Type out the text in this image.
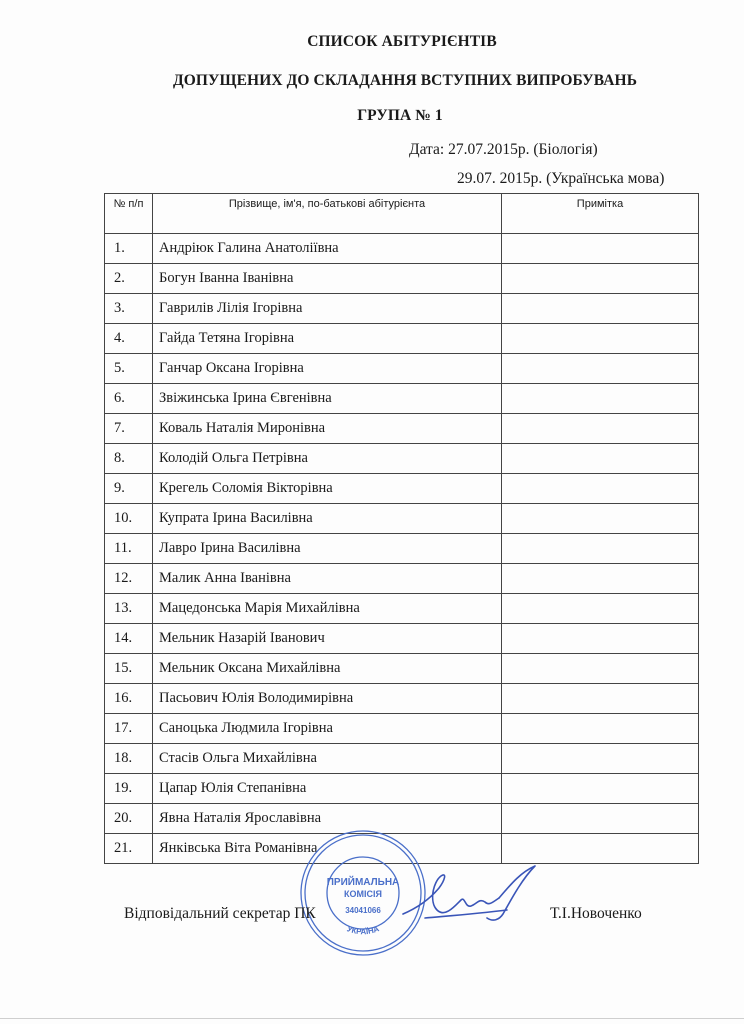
СПИСОК АБІТУРІЄНТІВ
ДОПУЩЕНИХ ДО СКЛАДАННЯ ВСТУПНИХ ВИПРОБУВАНЬ
ГРУПА № 1
Дата: 27.07.2015р. (Біологія)
29.07. 2015р. (Українська мова)
№ п/п	Прізвище, ім'я, по-батькові абітурієнта	Примітка
1.	Андріюк Галина Анатоліївна	
2.	Богун Іванна Іванівна	
3.	Гаврилів Лілія Ігорівна	
4.	Гайда Тетяна Ігорівна	
5.	Ганчар Оксана Ігорівна	
6.	Звіжинська Ірина Євгенівна	
7.	Коваль Наталія Миронівна	
8.	Колодій Ольга Петрівна	
9.	Крегель Соломія Вікторівна	
10.	Купрата Ірина Василівна	
11.	Лавро Ірина Василівна	
12.	Малик Анна Іванівна	
13.	Мацедонська Марія Михайлівна	
14.	Мельник Назарій Іванович	
15.	Мельник Оксана Михайлівна	
16.	Пасьович Юлія Володимирівна	
17.	Саноцька Людмила Ігорівна	
18.	Стасів Ольга Михайлівна	
19.	Цапар Юлія Степанівна	
20.	Явна Наталія Ярославівна	
21.	Янківська Віта Романівна	
ПРИЙМАЛЬНА
КОМІСІЯ
34041066
УКРАЇНА
Відповідальний секретар ПК	Т.І.Новоченко
